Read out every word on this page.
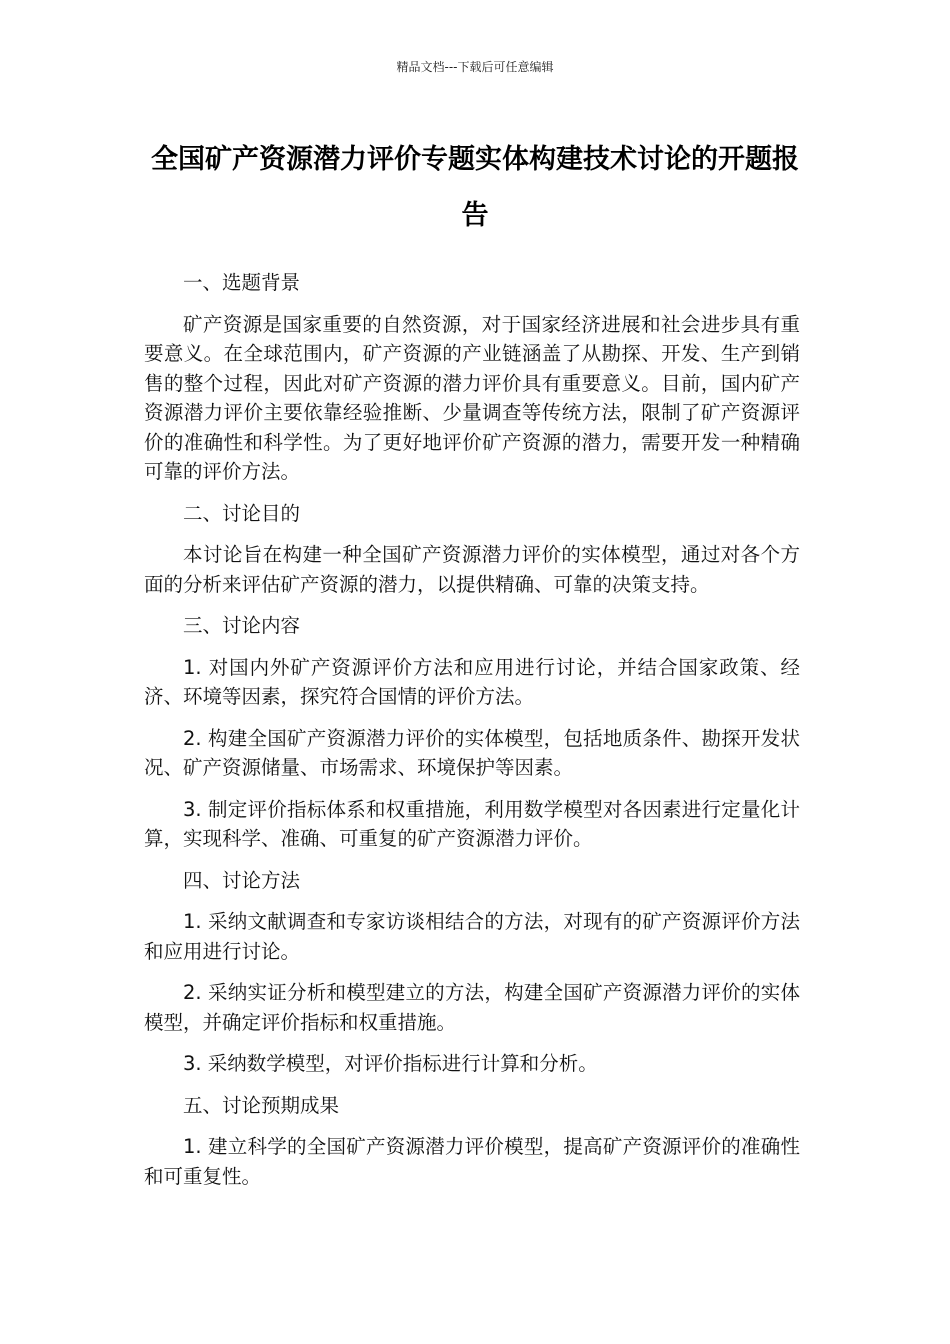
精品文档---下载后可任意编辑
全国矿产资源潜力评价专题实体构建技术讨论的开题报告

一、选题背景

矿产资源是国家重要的自然资源，对于国家经济进展和社会进步具有重要意义。在全球范围内，矿产资源的产业链涵盖了从勘探、开发、生产到销售的整个过程，因此对矿产资源的潜力评价具有重要意义。目前，国内矿产资源潜力评价主要依靠经验推断、少量调查等传统方法，限制了矿产资源评价的准确性和科学性。为了更好地评价矿产资源的潜力，需要开发一种精确可靠的评价方法。

二、讨论目的

本讨论旨在构建一种全国矿产资源潜力评价的实体模型，通过对各个方面的分析来评估矿产资源的潜力，以提供精确、可靠的决策支持。

三、讨论内容

1. 对国内外矿产资源评价方法和应用进行讨论，并结合国家政策、经济、环境等因素，探究符合国情的评价方法。

2. 构建全国矿产资源潜力评价的实体模型，包括地质条件、勘探开发状况、矿产资源储量、市场需求、环境保护等因素。

3. 制定评价指标体系和权重措施，利用数学模型对各因素进行定量化计算，实现科学、准确、可重复的矿产资源潜力评价。

四、讨论方法

1. 采纳文献调查和专家访谈相结合的方法，对现有的矿产资源评价方法和应用进行讨论。

2. 采纳实证分析和模型建立的方法，构建全国矿产资源潜力评价的实体模型，并确定评价指标和权重措施。

3. 采纳数学模型，对评价指标进行计算和分析。

五、讨论预期成果

1. 建立科学的全国矿产资源潜力评价模型，提高矿产资源评价的准确性和可重复性。
